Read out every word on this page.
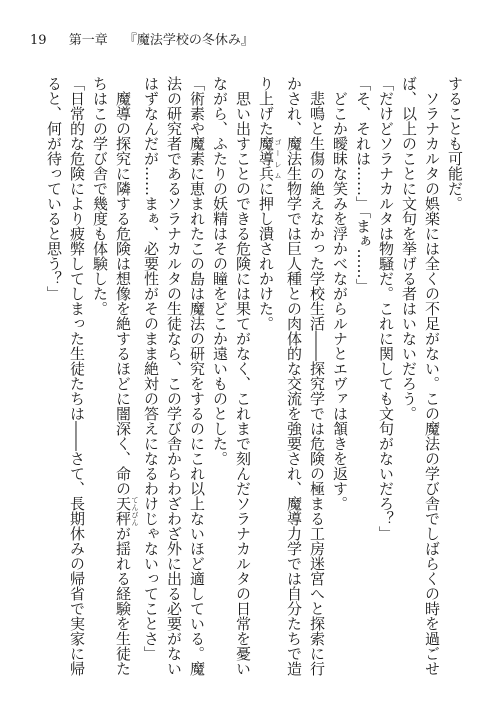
19 第一章 『魔法学校の冬休み』
することも可能だ。
ソラナカルタの娯楽には全くの不足がない。この魔法の学び舎でしばらくの時を過ごせ
ば、以上のことに文句を挙げる者はいないだろう。
「だけどソラナカルタは物騒だ。これに関しても文句がないだろ？」
「そ、それは……」「まぁ……」
どこか曖昧な笑みを浮かべながらルナとエヴァは頷きを返す。
悲鳴と生傷の絶えなかった学校生活――探究学では危険の極まる工房迷宮へと探索に行
かされ、魔法生物学では巨人種との肉体的な交流を強要され、魔導力学では自分たちで造
り上げた魔導兵 ゴーレムに押し潰されかけた。
思い出すことのできる危険には果てがなく、これまで刻んだソラナカルタの日常を憂い
ながら、ふたりの妖精はその瞳をどこか遠いものとした。
「術素や魔素に恵まれたこの島は魔法の研究をするのにこれ以上ないほど適している。魔
法の研究者であるソラナカルタの生徒なら、この学び舎からわざわざ外に出る必要がない
はずなんだが……まぁ、必要性がそのまま絶対の答えになるわけじゃないってことさ」
魔導の探究に隣する危険は想像を絶するほどに闇深く、命の天秤 てんびんが揺れる経験を生徒た
ちはこの学び舎で幾度も体験した。
「日常的な危険により疲弊してしまった生徒たちは――さて、長期休みの帰省で実家に帰
ると、何が待っていると思う？」
